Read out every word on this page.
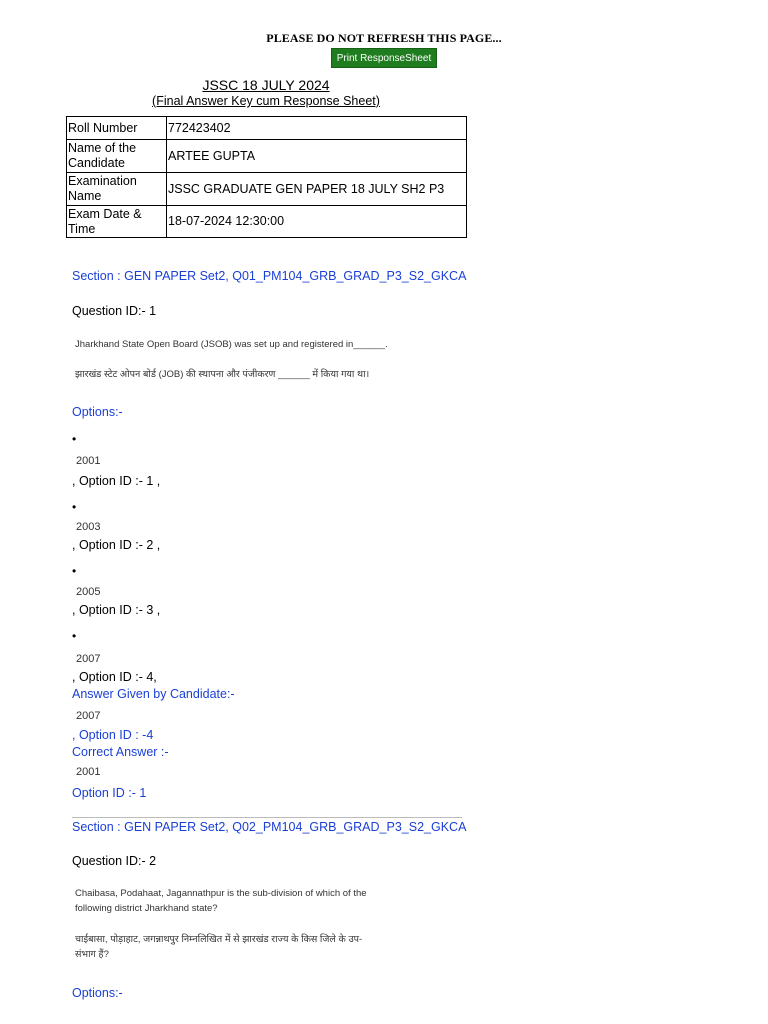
PLEASE DO NOT REFRESH THIS PAGE...
Print ResponseSheet
JSSC 18 JULY 2024
(Final Answer Key cum Response Sheet)
Roll Number	772423402
Name of the Candidate	ARTEE GUPTA
Examination Name	JSSC GRADUATE GEN PAPER 18 JULY SH2 P3
Exam Date & Time	18-07-2024 12:30:00
Section : GEN PAPER Set2, Q01_PM104_GRB_GRAD_P3_S2_GKCA
Question ID:- 1
Jharkhand State Open Board (JSOB) was set up and registered in______.
झारखंड स्टेट ओपन बोर्ड (JOB) की स्थापना और पंजीकरण ______ में किया गया था।
Options:-
•
2001
, Option ID :- 1 ,
•
2003
, Option ID :- 2 ,
•
2005
, Option ID :- 3 ,
•
2007
, Option ID :- 4,
Answer Given by Candidate:-
2007
, Option ID : -4
Correct Answer :-
2001
Option ID :- 1
Section : GEN PAPER Set2, Q02_PM104_GRB_GRAD_P3_S2_GKCA
Question ID:- 2
Chaibasa, Podahaat, Jagannathpur is the sub-division of which of the
following district Jharkhand state?
चाईबासा, पोड़ाहाट, जगन्नाथपुर निम्नलिखित में से झारखंड राज्य के किस जिले के उप-
संभाग हैं?
Options:-
